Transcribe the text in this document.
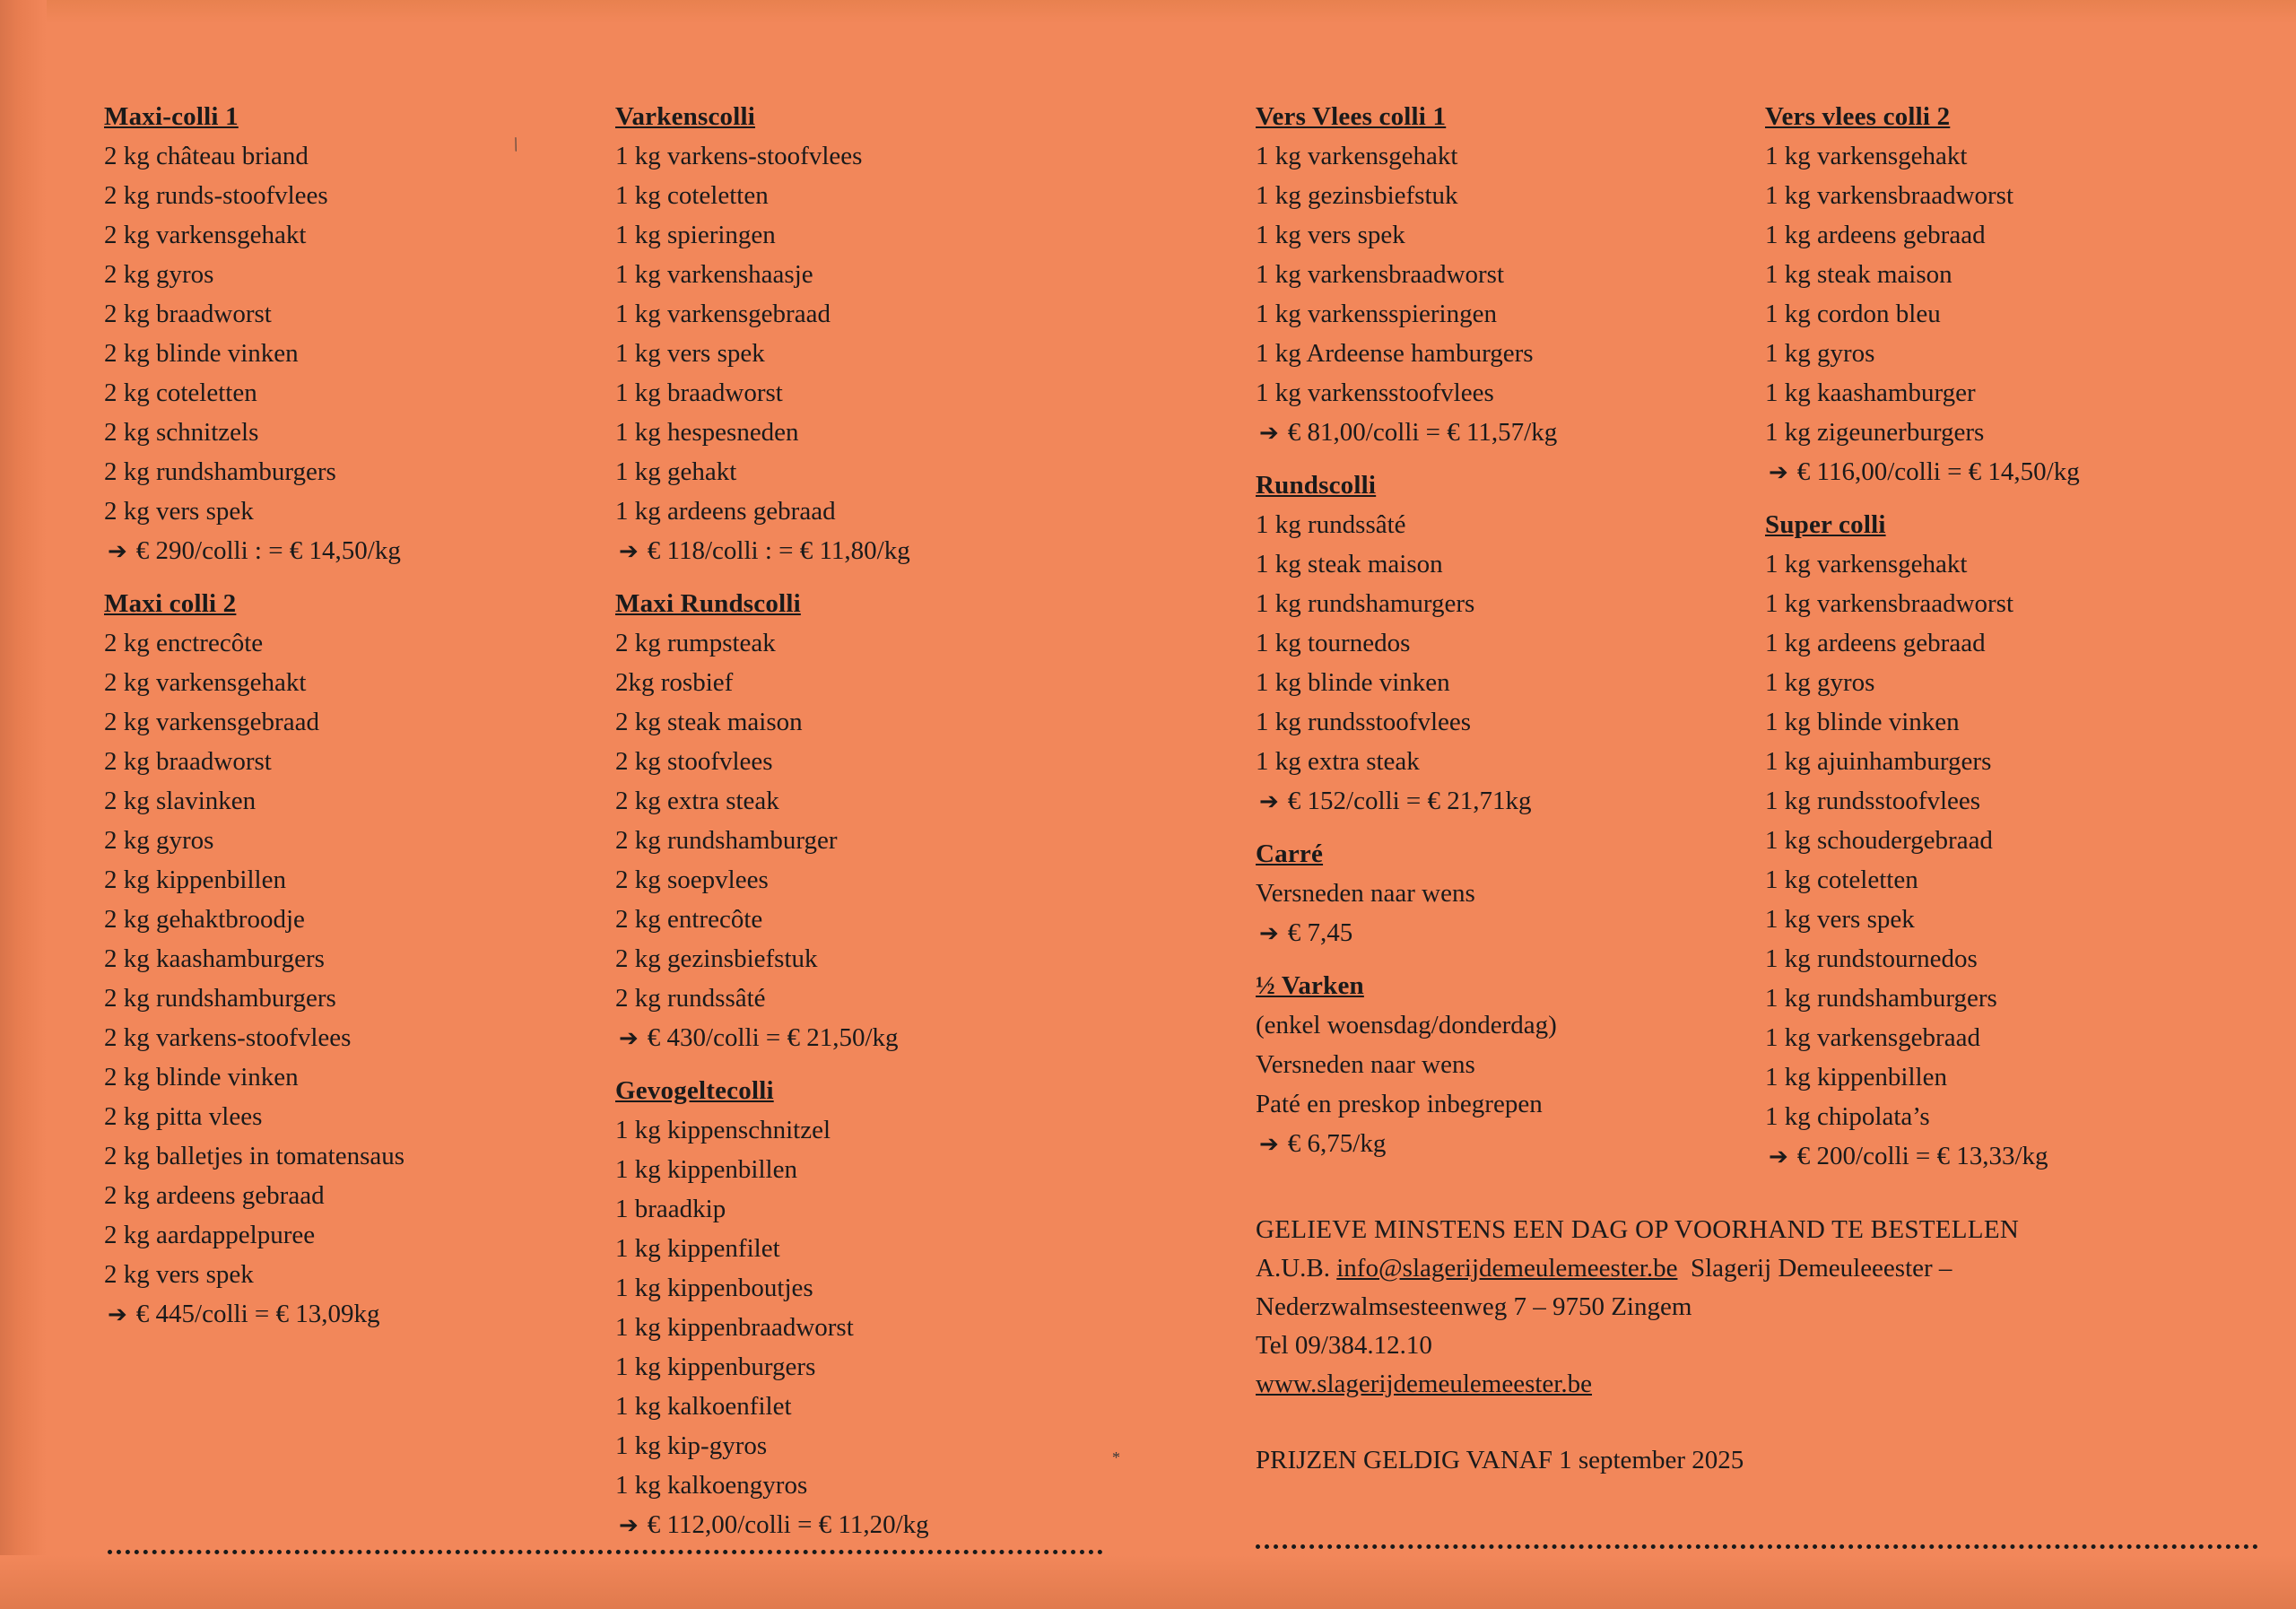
Maxi-colli 1
2 kg château briand
2 kg runds-stoofvlees
2 kg varkensgehakt
2 kg gyros
2 kg braadworst
2 kg blinde vinken
2 kg coteletten
2 kg schnitzels
2 kg rundshamburgers
2 kg vers spek
➔ € 290/colli : = € 14,50/kg
Maxi colli 2
2 kg enctrecôte
2 kg varkensgehakt
2 kg varkensgebraad
2 kg braadworst
2 kg slavinken
2 kg gyros
2 kg kippenbillen
2 kg gehaktbroodje
2 kg kaashamburgers
2 kg rundshamburgers
2 kg varkens-stoofvlees
2 kg blinde vinken
2 kg pitta vlees
2 kg balletjes in tomatensaus
2 kg ardeens gebraad
2 kg aardappelpuree
2 kg vers spek
➔ € 445/colli = € 13,09kg
Varkenscolli
1 kg varkens-stoofvlees
1 kg coteletten
1 kg spieringen
1 kg varkenshaasje
1 kg varkensgebraad
1 kg vers spek
1 kg braadworst
1 kg hespesneden
1 kg gehakt
1 kg ardeens gebraad
➔ € 118/colli : = € 11,80/kg
Maxi Rundscolli
2 kg rumpsteak
2kg rosbief
2 kg steak maison
2 kg stoofvlees
2 kg extra steak
2 kg rundshamburger
2 kg soepvlees
2 kg entrecôte
2 kg gezinsbiefstuk
2 kg rundssâté
➔ € 430/colli = € 21,50/kg
Gevogeltecolli
1 kg kippenschnitzel
1 kg kippenbillen
1 braadkip
1 kg kippenfilet
1 kg kippenboutjes
1 kg kippenbraadworst
1 kg kippenburgers
1 kg kalkoenfilet
1 kg kip-gyros
1 kg kalkoengyros
➔ € 112,00/colli = € 11,20/kg
Vers Vlees colli 1
1 kg varkensgehakt
1 kg gezinsbiefstuk
1 kg vers spek
1 kg varkensbraadworst
1 kg varkensspieringen
1 kg Ardeense hamburgers
1 kg varkensstoofvlees
➔ € 81,00/colli = € 11,57/kg
Rundscolli
1 kg rundssâté
1 kg steak maison
1 kg rundshamurgers
1 kg tournedos
1 kg blinde vinken
1 kg rundsstoofvlees
1 kg extra steak
➔ € 152/colli = € 21,71kg
Carré
Versneden naar wens
➔ € 7,45
½ Varken
(enkel woensdag/donderdag)
Versneden naar wens
Paté en preskop inbegrepen
➔ € 6,75/kg
Vers vlees colli 2
1 kg varkensgehakt
1 kg varkensbraadworst
1 kg ardeens gebraad
1 kg steak maison
1 kg cordon bleu
1 kg gyros
1 kg kaashamburger
1 kg zigeunerburgers
➔ € 116,00/colli = € 14,50/kg
Super colli
1 kg varkensgehakt
1 kg varkensbraadworst
1 kg ardeens gebraad
1 kg gyros
1 kg blinde vinken
1 kg ajuinhamburgers
1 kg rundsstoofvlees
1 kg schoudergebraad
1 kg coteletten
1 kg vers spek
1 kg rundstournedos
1 kg rundshamburgers
1 kg varkensgebraad
1 kg kippenbillen
1 kg chipolata’s
➔ € 200/colli = € 13,33/kg
GELIEVE MINSTENS EEN DAG OP VOORHAND TE BESTELLEN
A.U.B. info@slagerijdemeulemeester.be Slagerij Demeuleeester –
Nederzwalmsesteenweg 7 – 9750 Zingem
Tel 09/384.12.10
www.slagerijdemeulemeester.be
PRIJZEN GELDIG VANAF 1 september 2025
\
*
